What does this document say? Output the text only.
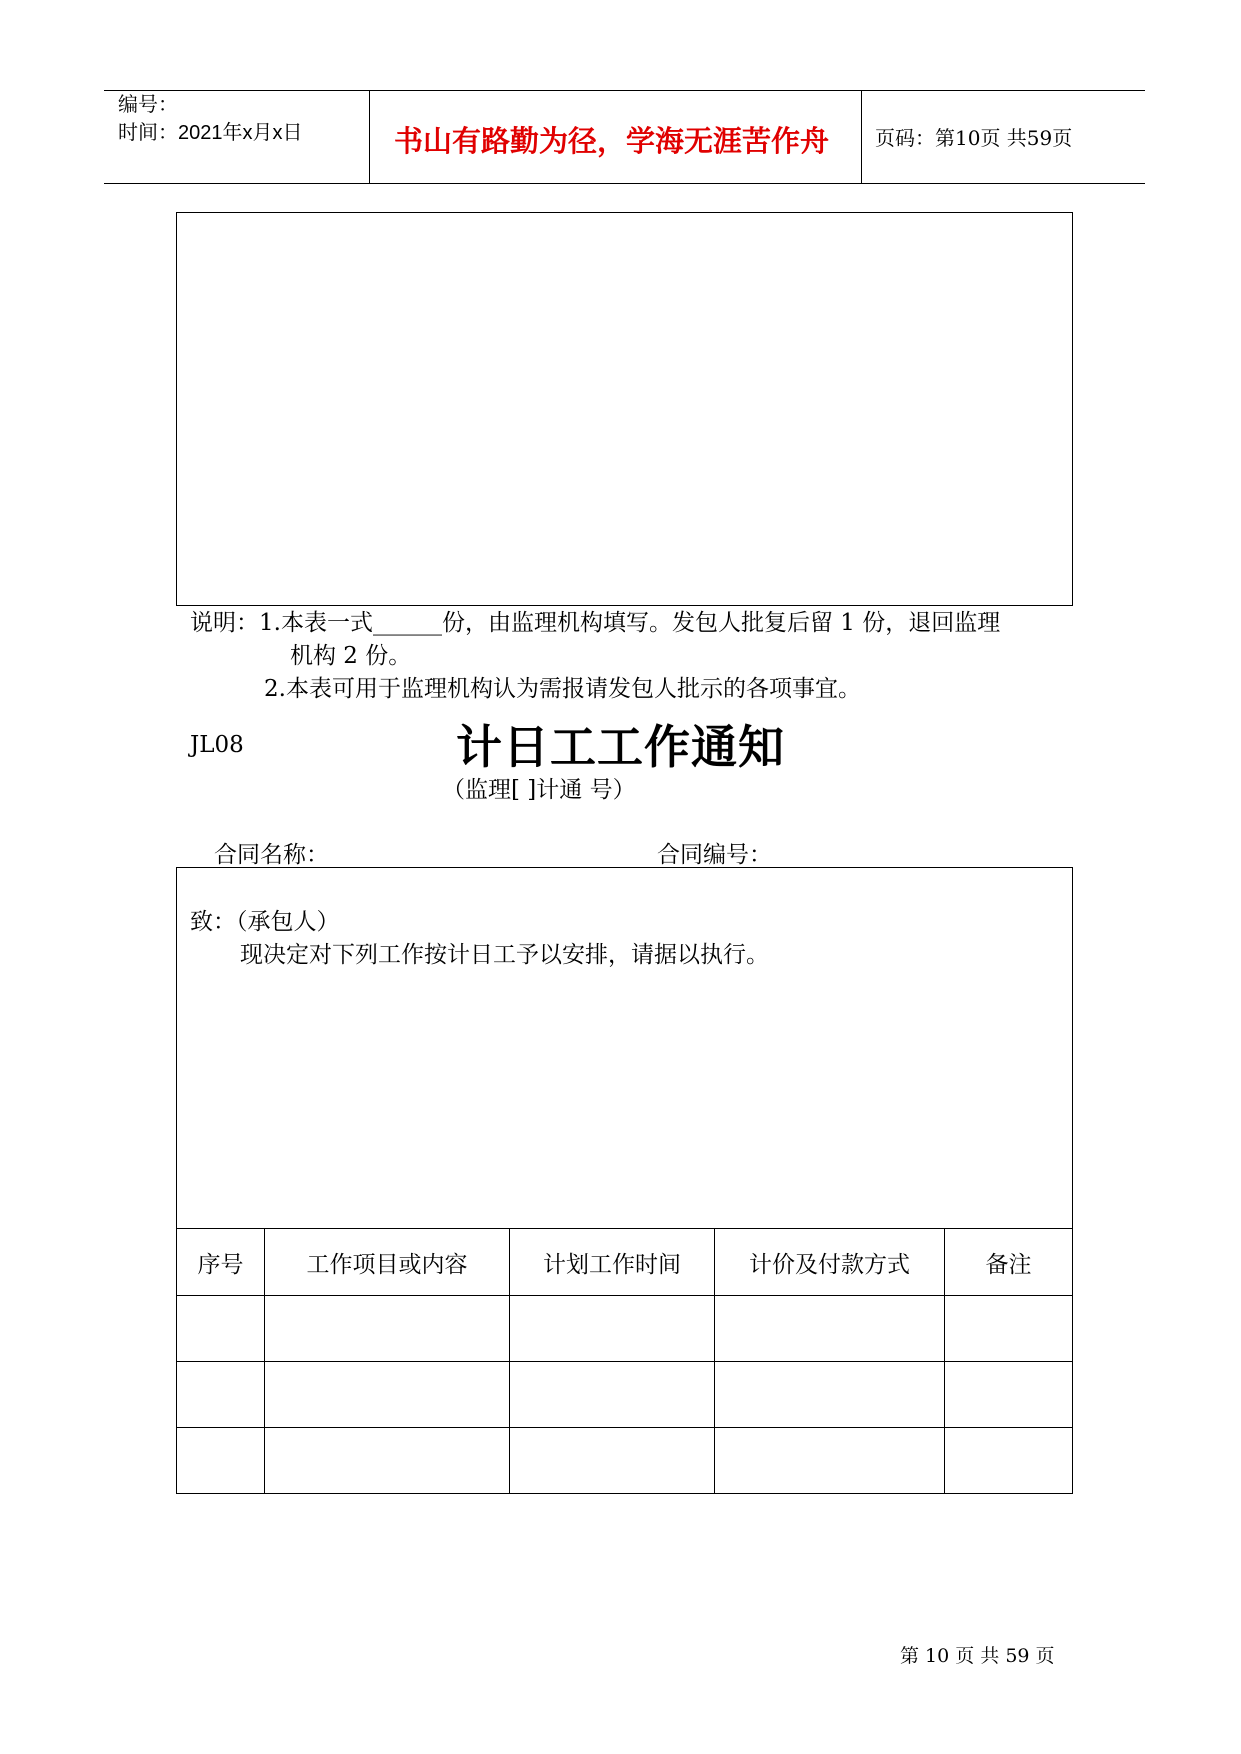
编号：
时间：2021年x月x日	书山有路勤为径，学海无涯苦作舟 页码：第10页 共59页
说明：1.本表一式______份，由监理机构填写。发包人批复后留 1 份，退回监理
机构 2 份。
2.本表可用于监理机构认为需报请发包人批示的各项事宜。
JL08	计日工工作通知
（监理[ ]计通 号）
合同名称：	合同编号：
致：（承包人）
现决定对下列工作按计日工予以安排，请据以执行。
序号	工作项目或内容	计划工作时间	计价及付款方式	备注

第 10 页 共 59 页
